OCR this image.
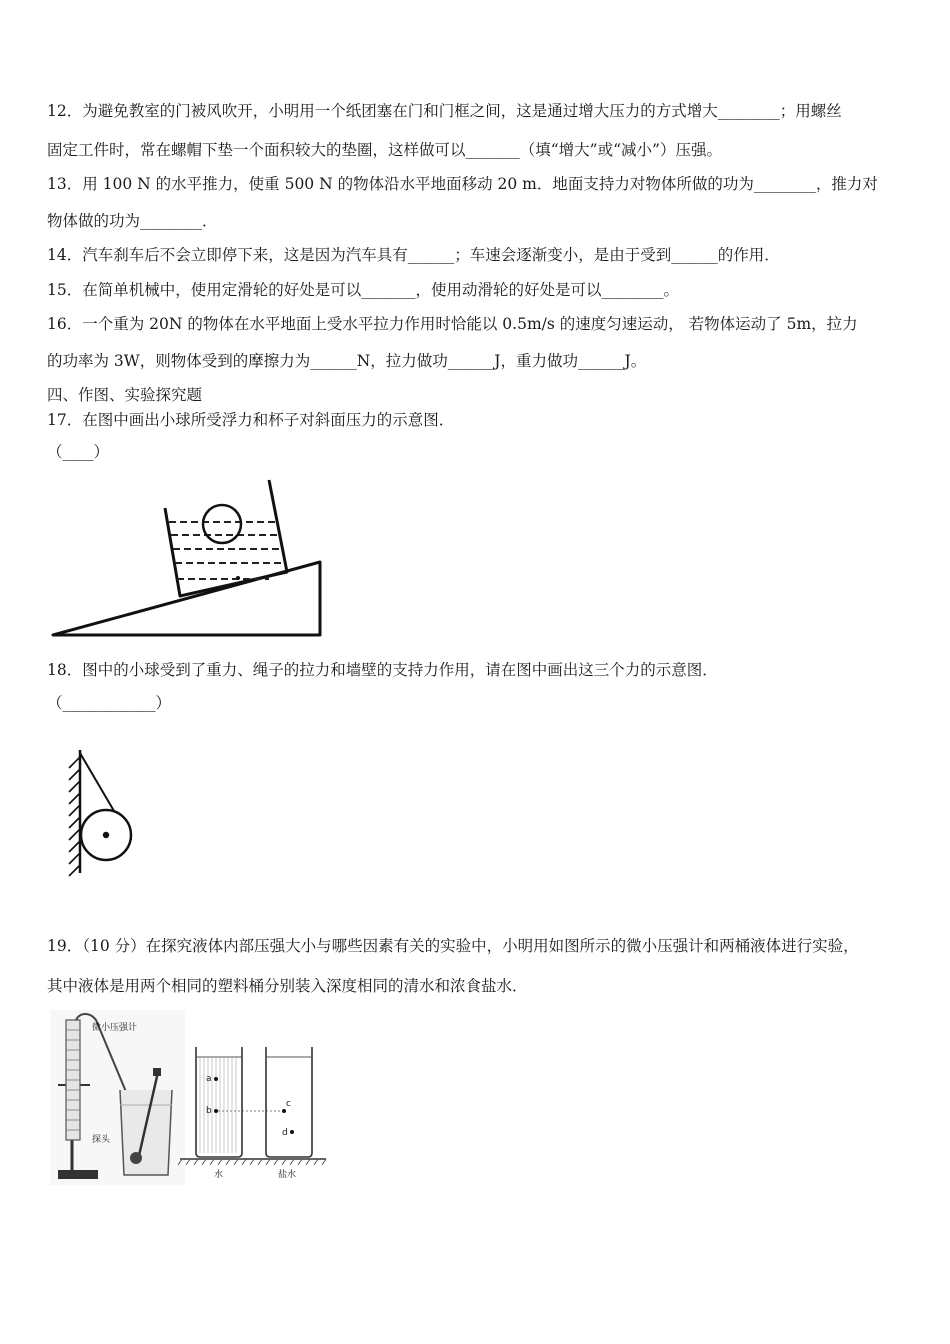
12．为避免教室的门被风吹开，小明用一个纸团塞在门和门框之间，这是通过增大压力的方式增大________；用螺丝
固定工件时，常在螺帽下垫一个面积较大的垫圈，这样做可以_______（填“增大”或“减小”）压强。
13．用 100 N 的水平推力，使重 500 N 的物体沿水平地面移动 20 m．地面支持力对物体所做的功为________，推力对
物体做的功为________．
14．汽车刹车后不会立即停下来，这是因为汽车具有______；车速会逐渐变小，是由于受到______的作用．
15．在简单机械中，使用定滑轮的好处是可以_______，使用动滑轮的好处是可以________。
16．一个重为 20N 的物体在水平地面上受水平拉力作用时恰能以 0.5m/s 的速度匀速运动， 若物体运动了 5m，拉力
的功率为 3W，则物体受到的摩擦力为______N，拉力做功______J，重力做功______J。
四、作图、实验探究题
17．在图中画出小球所受浮力和杯子对斜面压力的示意图．
（____）
18．图中的小球受到了重力、绳子的拉力和墙壁的支持力作用，请在图中画出这三个力的示意图．
（____________）
19．（10 分）在探究液体内部压强大小与哪些因素有关的实验中，小明用如图所示的微小压强计和两桶液体进行实验，
其中液体是用两个相同的塑料桶分别装入深度相同的清水和浓食盐水．
微小压强计
探头
a
b
c
d
水	盐水
